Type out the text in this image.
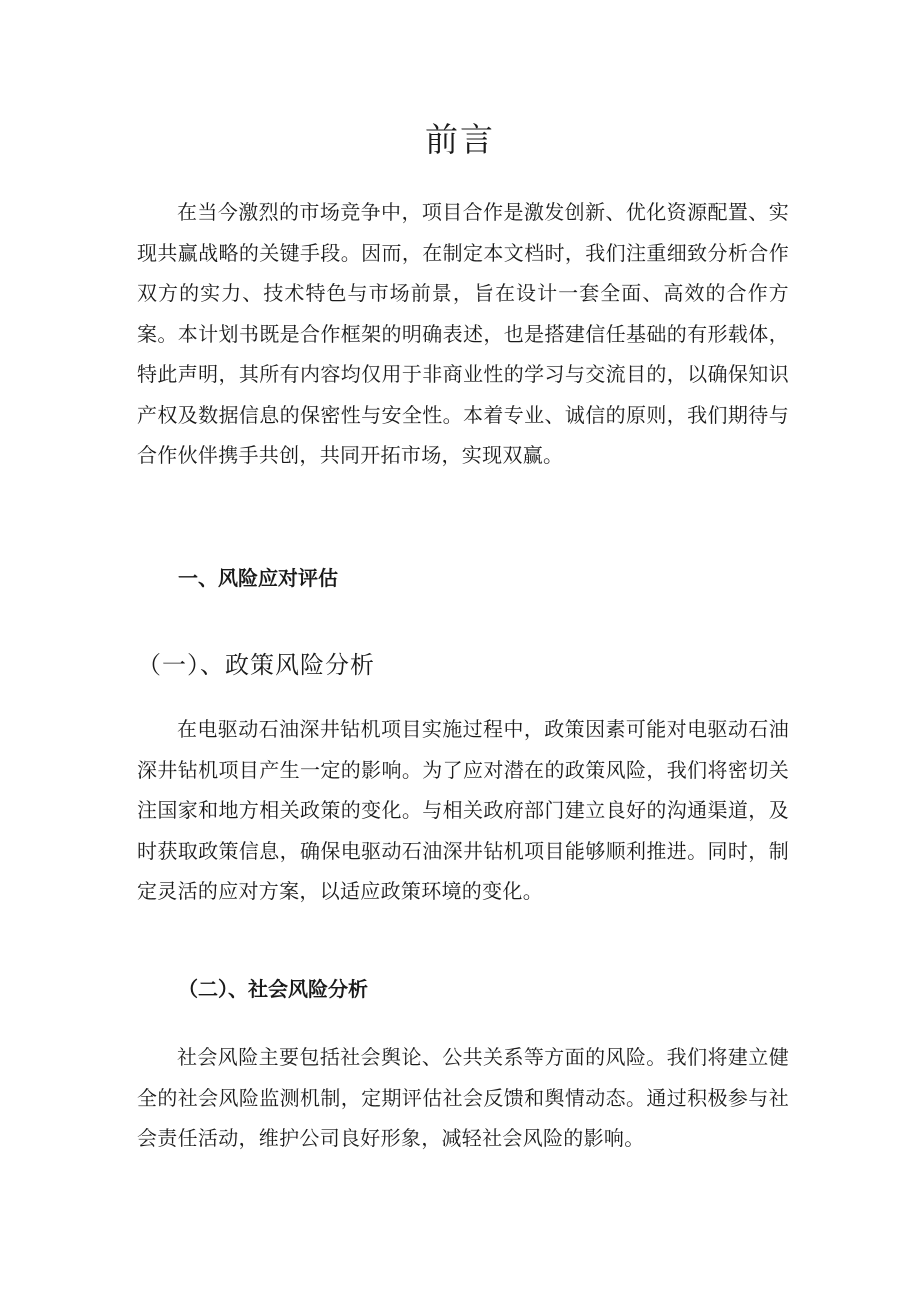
前言

在当今激烈的市场竞争中，项目合作是激发创新、优化资源配置、实现共赢战略的关键手段。因而，在制定本文档时，我们注重细致分析合作双方的实力、技术特色与市场前景，旨在设计一套全面、高效的合作方案。本计划书既是合作框架的明确表述，也是搭建信任基础的有形载体，特此声明，其所有内容均仅用于非商业性的学习与交流目的，以确保知识产权及数据信息的保密性与安全性。本着专业、诚信的原则，我们期待与合作伙伴携手共创，共同开拓市场，实现双赢。

一、风险应对评估
（一）、政策风险分析

在电驱动石油深井钻机项目实施过程中，政策因素可能对电驱动石油深井钻机项目产生一定的影响。为了应对潜在的政策风险，我们将密切关注国家和地方相关政策的变化。与相关政府部门建立良好的沟通渠道，及时获取政策信息，确保电驱动石油深井钻机项目能够顺利推进。同时，制定灵活的应对方案，以适应政策环境的变化。

（二）、社会风险分析

社会风险主要包括社会舆论、公共关系等方面的风险。我们将建立健全的社会风险监测机制，定期评估社会反馈和舆情动态。通过积极参与社会责任活动，维护公司良好形象，减轻社会风险的影响。
